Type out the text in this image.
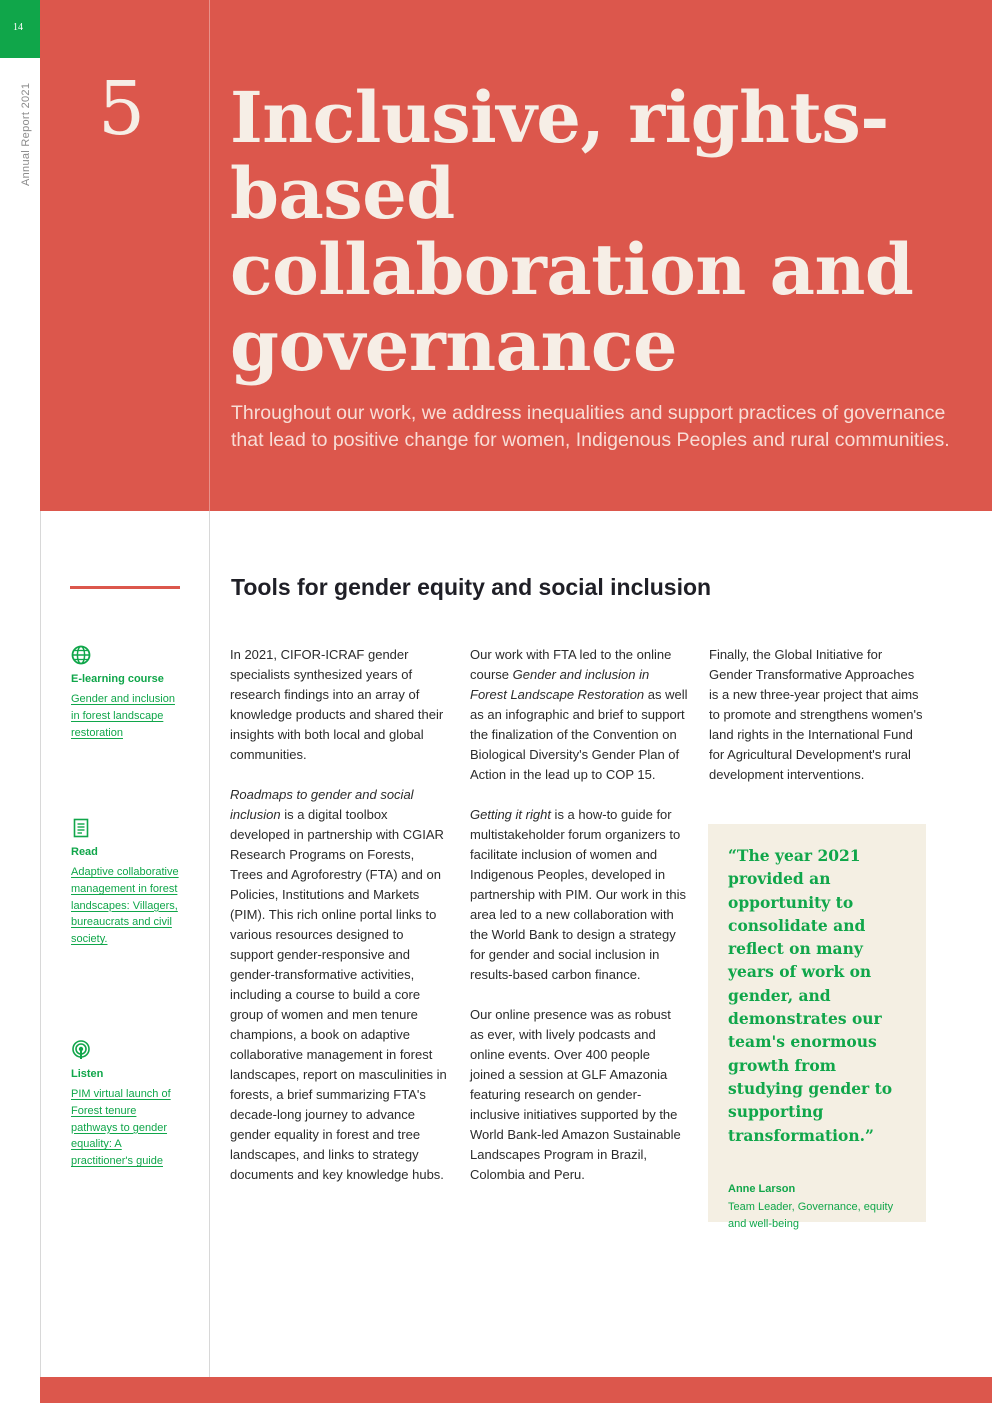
14
Annual Report 2021 5 Inclusive, rights-based collaboration and governance

Throughout our work, we address inequalities and support practices of governance that lead to positive change for women, Indigenous Peoples and rural communities.

Tools for gender equity and social inclusion
E-learning course
Gender and inclusion in forest landscape restoration
Read
Adaptive collaborative management in forest landscapes: Villagers, bureaucrats and civil society.
Listen
PIM virtual launch of Forest tenure pathways to gender equality: A practitioner's guide

In 2021, CIFOR-ICRAF gender specialists synthesized years of research findings into an array of knowledge products and shared their insights with both local and global communities.

Roadmaps to gender and social inclusion is a digital toolbox developed in partnership with CGIAR Research Programs on Forests, Trees and Agroforestry (FTA) and on Policies, Institutions and Markets (PIM). This rich online portal links to various resources designed to support gender-responsive and gender-transformative activities, including a course to build a core group of women and men tenure champions, a book on adaptive collaborative management in forest landscapes, report on masculinities in forests, a brief summarizing FTA's decade-long journey to advance gender equality in forest and tree landscapes, and links to strategy documents and key knowledge hubs.

Our work with FTA led to the online course Gender and inclusion in Forest Landscape Restoration as well as an infographic and brief to support the finalization of the Convention on Biological Diversity's Gender Plan of Action in the lead up to COP 15.

Getting it right is a how-to guide for multistakeholder forum organizers to facilitate inclusion of women and Indigenous Peoples, developed in partnership with PIM. Our work in this area led to a new collaboration with the World Bank to design a strategy for gender and social inclusion in results-based carbon finance.

Our online presence was as robust as ever, with lively podcasts and online events. Over 400 people joined a session at GLF Amazonia featuring research on gender-inclusive initiatives supported by the World Bank-led Amazon Sustainable Landscapes Program in Brazil, Colombia and Peru.

Finally, the Global Initiative for Gender Transformative Approaches is a new three-year project that aims to promote and strengthens women's land rights in the International Fund for Agricultural Development's rural development interventions.

“The year 2021 provided an opportunity to consolidate and reflect on many years of work on gender, and demonstrates our team's enormous growth from studying gender to supporting transformation.”

Anne Larson
Team Leader, Governance, equity and well-being
